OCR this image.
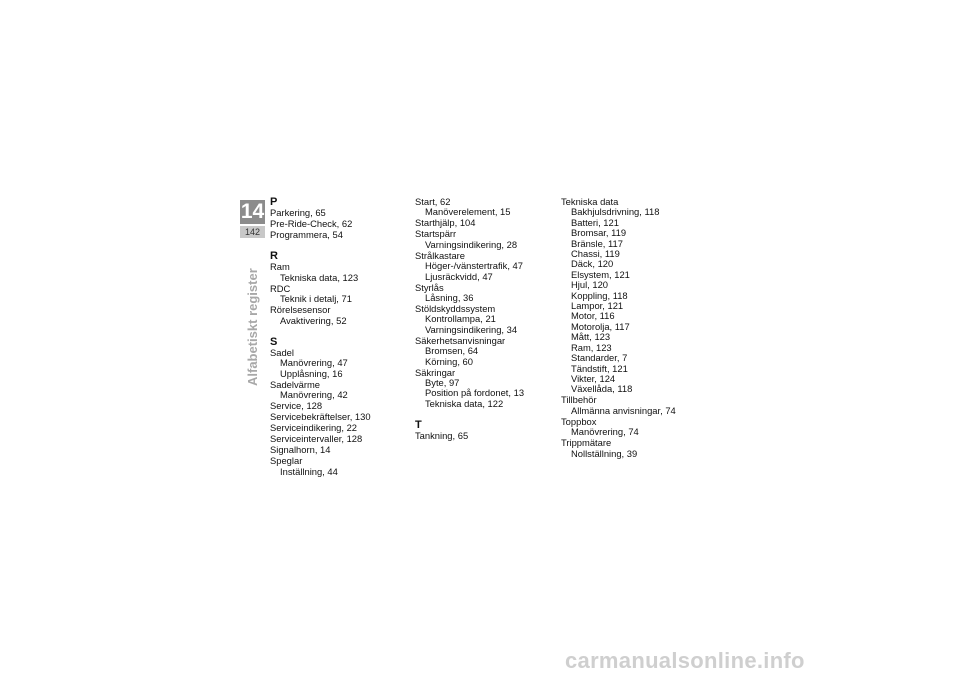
14
142
Alfabetiskt register
P
Parkering, 65
Pre-Ride-Check, 62
Programmera, 54
R
Ram
Tekniska data, 123
RDC
Teknik i detalj, 71
Rörelsesensor
Avaktivering, 52
S
Sadel
Manövrering, 47
Upplåsning, 16
Sadelvärme
Manövrering, 42
Service, 128
Servicebekräftelser, 130
Serviceindikering, 22
Serviceintervaller, 128
Signalhorn, 14
Speglar
Inställning, 44
Start, 62
Manöverelement, 15
Starthjälp, 104
Startspärr
Varningsindikering, 28
Strålkastare
Höger-/vänstertrafik, 47
Ljusräckvidd, 47
Styrlås
Låsning, 36
Stöldskyddssystem
Kontrollampa, 21
Varningsindikering, 34
Säkerhetsanvisningar
Bromsen, 64
Körning, 60
Säkringar
Byte, 97
Position på fordonet, 13
Tekniska data, 122
T
Tankning, 65
Tekniska data
Bakhjulsdrivning, 118
Batteri, 121
Bromsar, 119
Bränsle, 117
Chassi, 119
Däck, 120
Elsystem, 121
Hjul, 120
Koppling, 118
Lampor, 121
Motor, 116
Motorolja, 117
Mått, 123
Ram, 123
Standarder, 7
Tändstift, 121
Vikter, 124
Växellåda, 118
Tillbehör
Allmänna anvisningar, 74
Toppbox
Manövrering, 74
Trippmätare
Nollställning, 39
carmanualsonline.info
